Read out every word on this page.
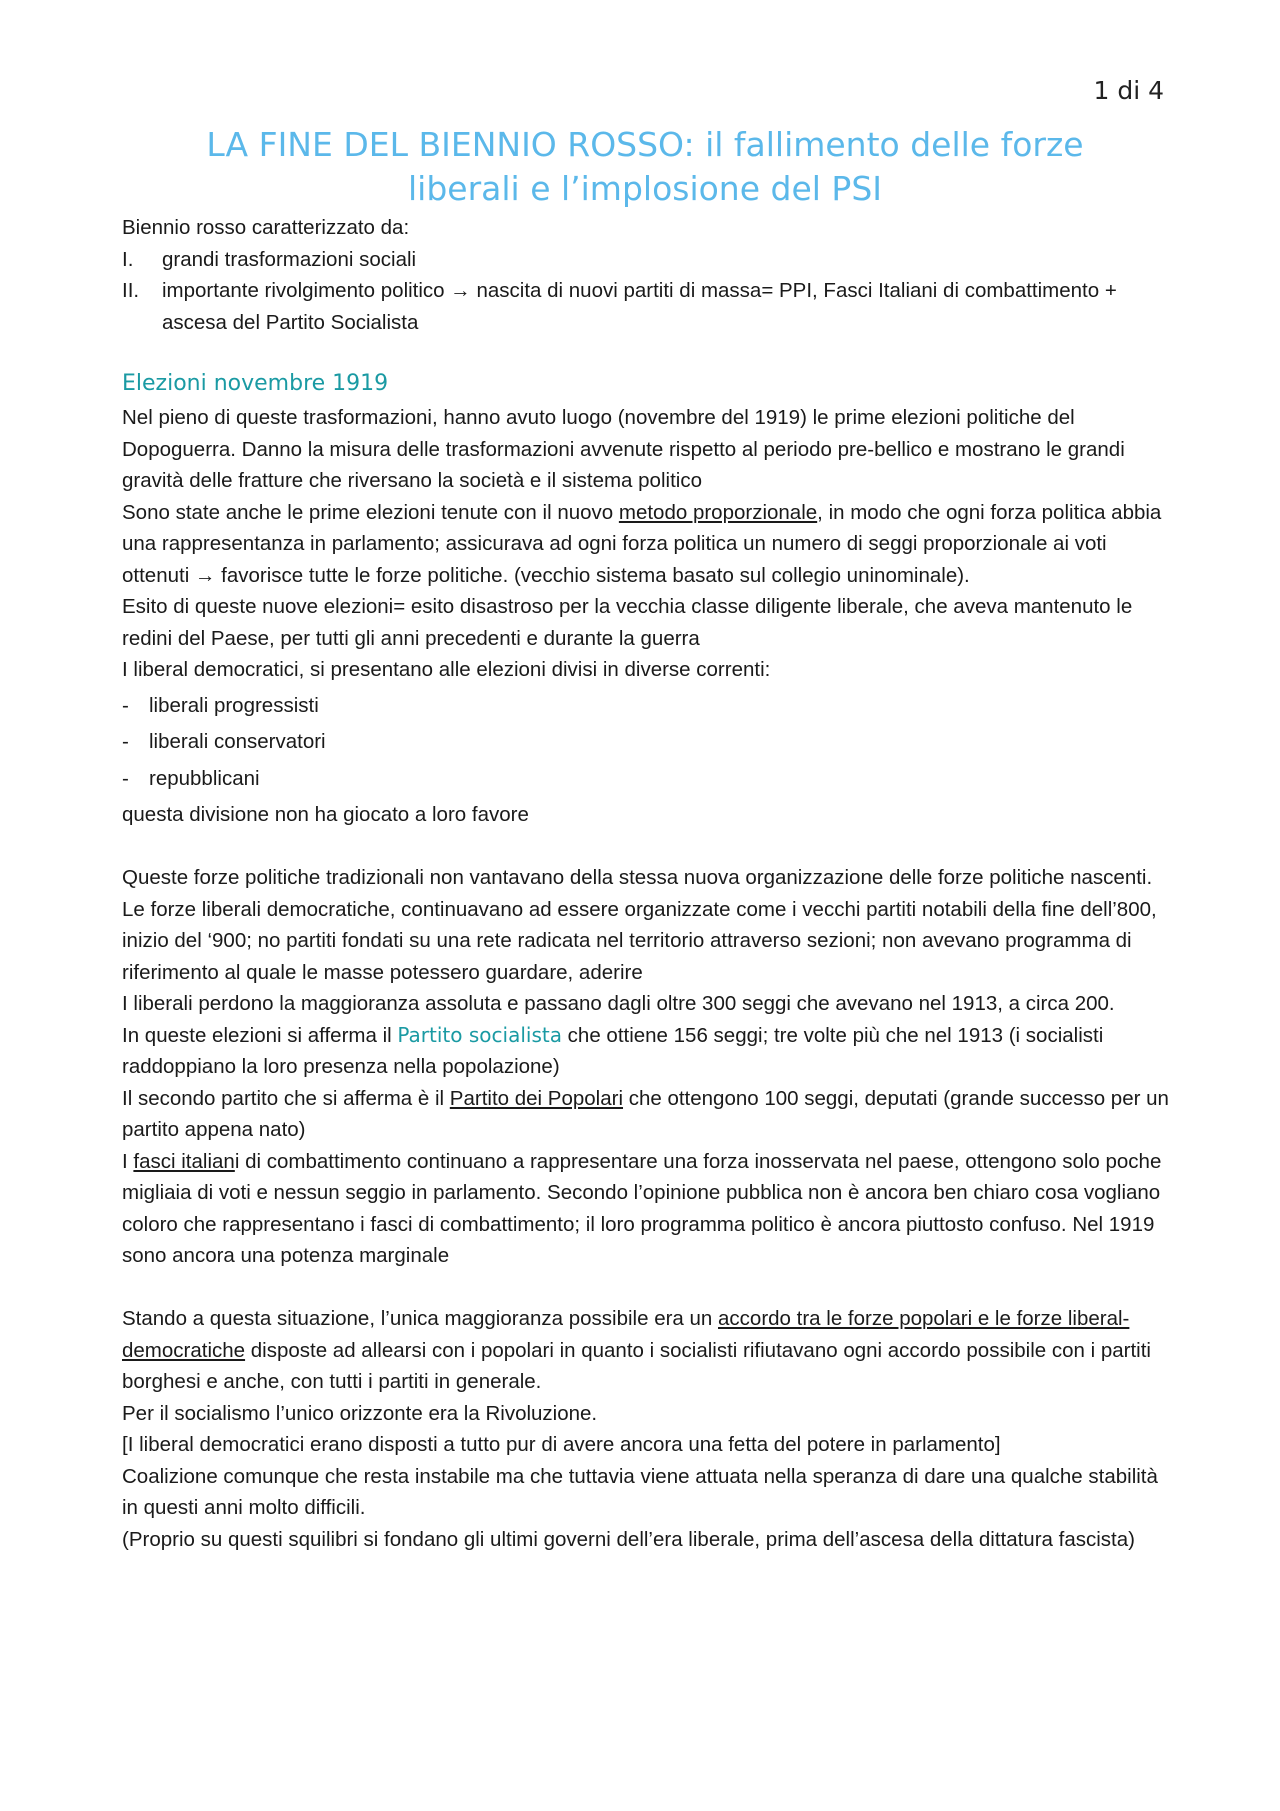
1 di 4
LA FINE DEL BIENNIO ROSSO: il fallimento delle forze
liberali e l’implosione del PSI

Biennio rosso caratterizzato da:

I. grandi trasformazioni sociali
II. importante rivolgimento politico → nascita di nuovi partiti di massa= PPI, Fasci Italiani di combattimento + ascesa del Partito Socialista
Elezioni novembre 1919

Nel pieno di queste trasformazioni, hanno avuto luogo (novembre del 1919) le prime elezioni politiche del Dopoguerra. Danno la misura delle trasformazioni avvenute rispetto al periodo pre-bellico e mostrano le grandi gravità delle fratture che riversano la società e il sistema politico

Sono state anche le prime elezioni tenute con il nuovo metodo proporzionale, in modo che ogni forza politica abbia una rappresentanza in parlamento; assicurava ad ogni forza politica un numero di seggi proporzionale ai voti ottenuti → favorisce tutte le forze politiche. (vecchio sistema basato sul collegio uninominale).

Esito di queste nuove elezioni= esito disastroso per la vecchia classe diligente liberale, che aveva mantenuto le redini del Paese, per tutti gli anni precedenti e durante la guerra

I liberal democratici, si presentano alle elezioni divisi in diverse correnti:

- liberali progressisti
- liberali conservatori
- repubblicani

questa divisione non ha giocato a loro favore

Queste forze politiche tradizionali non vantavano della stessa nuova organizzazione delle forze politiche nascenti. Le forze liberali democratiche, continuavano ad essere organizzate come i vecchi partiti notabili della fine dell’800, inizio del ‘900; no partiti fondati su una rete radicata nel territorio attraverso sezioni; non avevano programma di riferimento al quale le masse potessero guardare, aderire

I liberali perdono la maggioranza assoluta e passano dagli oltre 300 seggi che avevano nel 1913, a circa 200.

In queste elezioni si afferma il Partito socialista che ottiene 156 seggi; tre volte più che nel 1913 (i socialisti raddoppiano la loro presenza nella popolazione)

Il secondo partito che si afferma è il Partito dei Popolari che ottengono 100 seggi, deputati (grande successo per un partito appena nato)

I fasci italiani di combattimento continuano a rappresentare una forza inosservata nel paese, ottengono solo poche migliaia di voti e nessun seggio in parlamento. Secondo l’opinione pubblica non è ancora ben chiaro cosa vogliano coloro che rappresentano i fasci di combattimento; il loro programma politico è ancora piuttosto confuso. Nel 1919 sono ancora una potenza marginale

Stando a questa situazione, l’unica maggioranza possibile era un accordo tra le forze popolari e le forze liberal-democratiche disposte ad allearsi con i popolari in quanto i socialisti rifiutavano ogni accordo possibile con i partiti borghesi e anche, con tutti i partiti in generale.

Per il socialismo l’unico orizzonte era la Rivoluzione.

[I liberal democratici erano disposti a tutto pur di avere ancora una fetta del potere in parlamento]

Coalizione comunque che resta instabile ma che tuttavia viene attuata nella speranza di dare una qualche stabilità in questi anni molto difficili.

(Proprio su questi squilibri si fondano gli ultimi governi dell’era liberale, prima dell’ascesa della dittatura fascista)
